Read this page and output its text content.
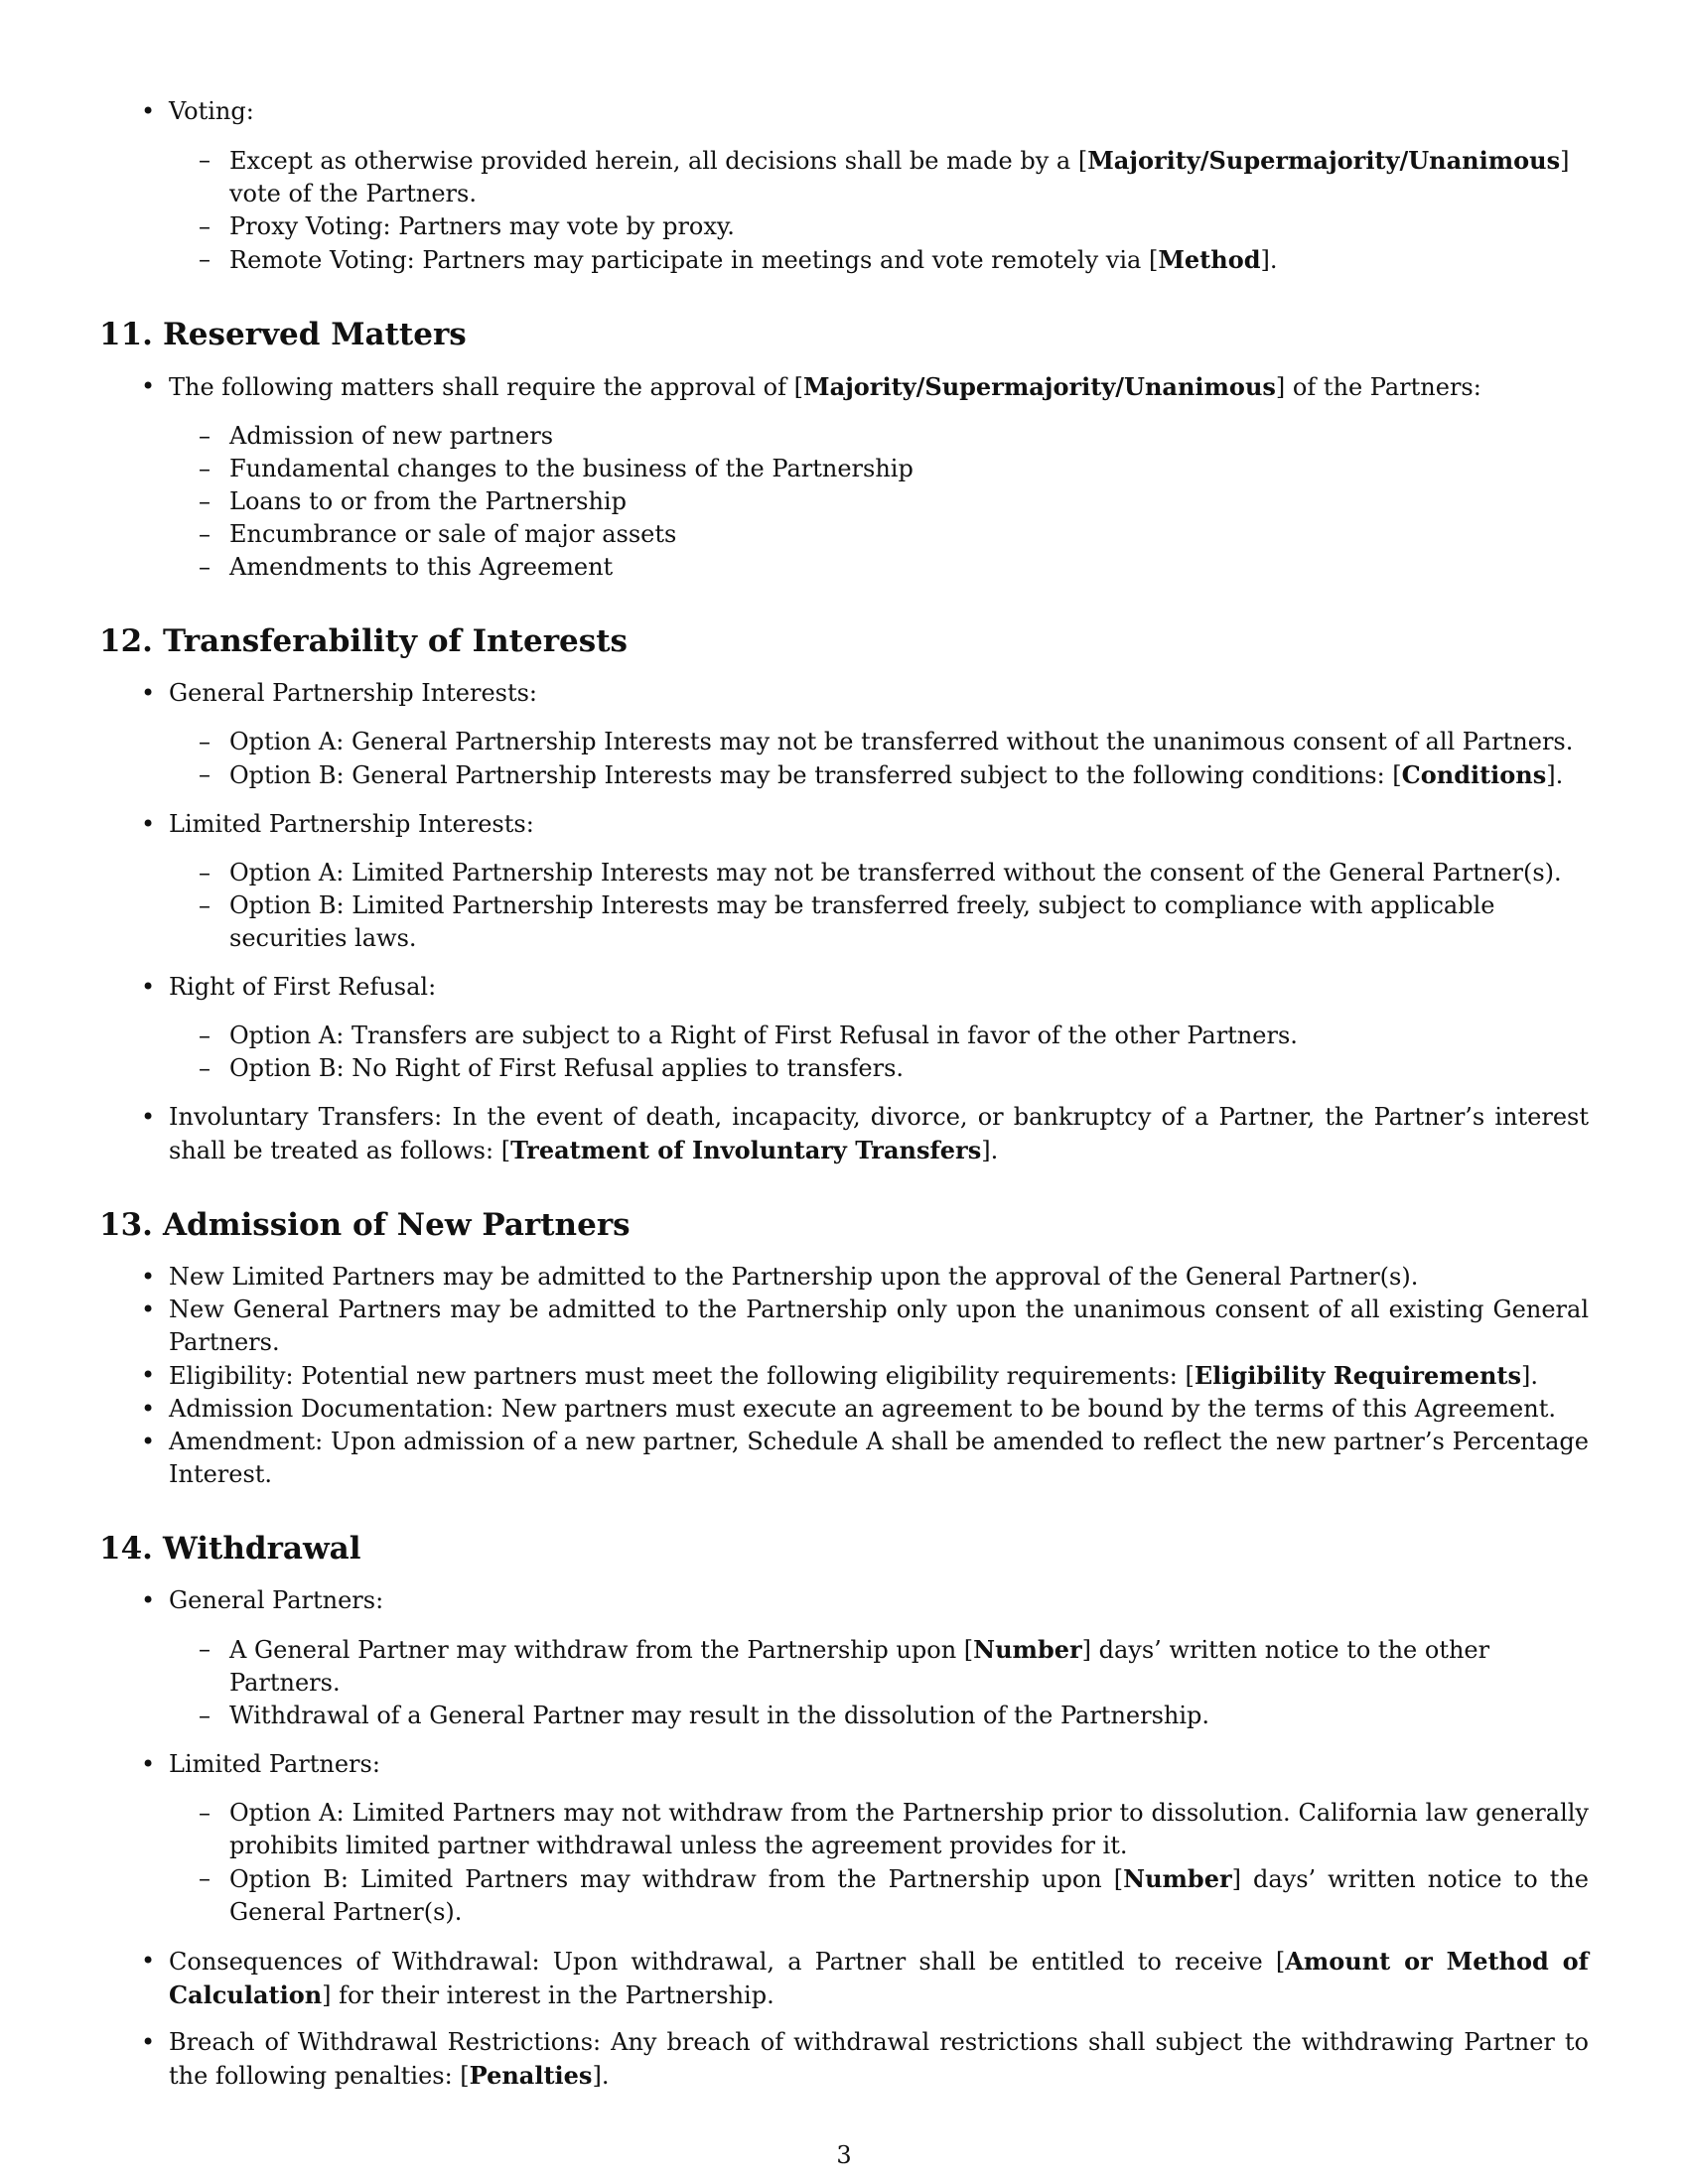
• Voting:
– Except as otherwise provided herein, all decisions shall be made by a [Majority/Supermajority/Unanimous] vote of the Partners.
– Proxy Voting: Partners may vote by proxy.
– Remote Voting: Partners may participate in meetings and vote remotely via [Method].
11. Reserved Matters
• The following matters shall require the approval of [Majority/Supermajority/Unanimous] of the Partners:
– Admission of new partners
– Fundamental changes to the business of the Partnership
– Loans to or from the Partnership
– Encumbrance or sale of major assets
– Amendments to this Agreement
12. Transferability of Interests
• General Partnership Interests:
– Option A: General Partnership Interests may not be transferred without the unanimous consent of all Partners.
– Option B: General Partnership Interests may be transferred subject to the following conditions: [Conditions].
• Limited Partnership Interests:
– Option A: Limited Partnership Interests may not be transferred without the consent of the General Partner(s).
– Option B: Limited Partnership Interests may be transferred freely, subject to compliance with applicable securities laws.
• Right of First Refusal:
– Option A: Transfers are subject to a Right of First Refusal in favor of the other Partners.
– Option B: No Right of First Refusal applies to transfers.
• Involuntary Transfers: In the event of death, incapacity, divorce, or bankruptcy of a Partner, the Partner’s interest shall be treated as follows: [Treatment of Involuntary Transfers].
13. Admission of New Partners
• New Limited Partners may be admitted to the Partnership upon the approval of the General Partner(s).
• New General Partners may be admitted to the Partnership only upon the unanimous consent of all existing General Partners.
• Eligibility: Potential new partners must meet the following eligibility requirements: [Eligibility Requirements].
• Admission Documentation: New partners must execute an agreement to be bound by the terms of this Agreement.
• Amendment: Upon admission of a new partner, Schedule A shall be amended to reflect the new partner’s Percentage Interest.
14. Withdrawal
• General Partners:
– A General Partner may withdraw from the Partnership upon [Number] days’ written notice to the other Partners.
– Withdrawal of a General Partner may result in the dissolution of the Partnership.
• Limited Partners:
– Option A: Limited Partners may not withdraw from the Partnership prior to dissolution. California law generally prohibits limited partner withdrawal unless the agreement provides for it.
– Option B: Limited Partners may withdraw from the Partnership upon [Number] days’ written notice to the General Partner(s).
• Consequences of Withdrawal: Upon withdrawal, a Partner shall be entitled to receive [Amount or Method of Calculation] for their interest in the Partnership.
• Breach of Withdrawal Restrictions: Any breach of withdrawal restrictions shall subject the withdrawing Partner to the following penalties: [Penalties].
3
